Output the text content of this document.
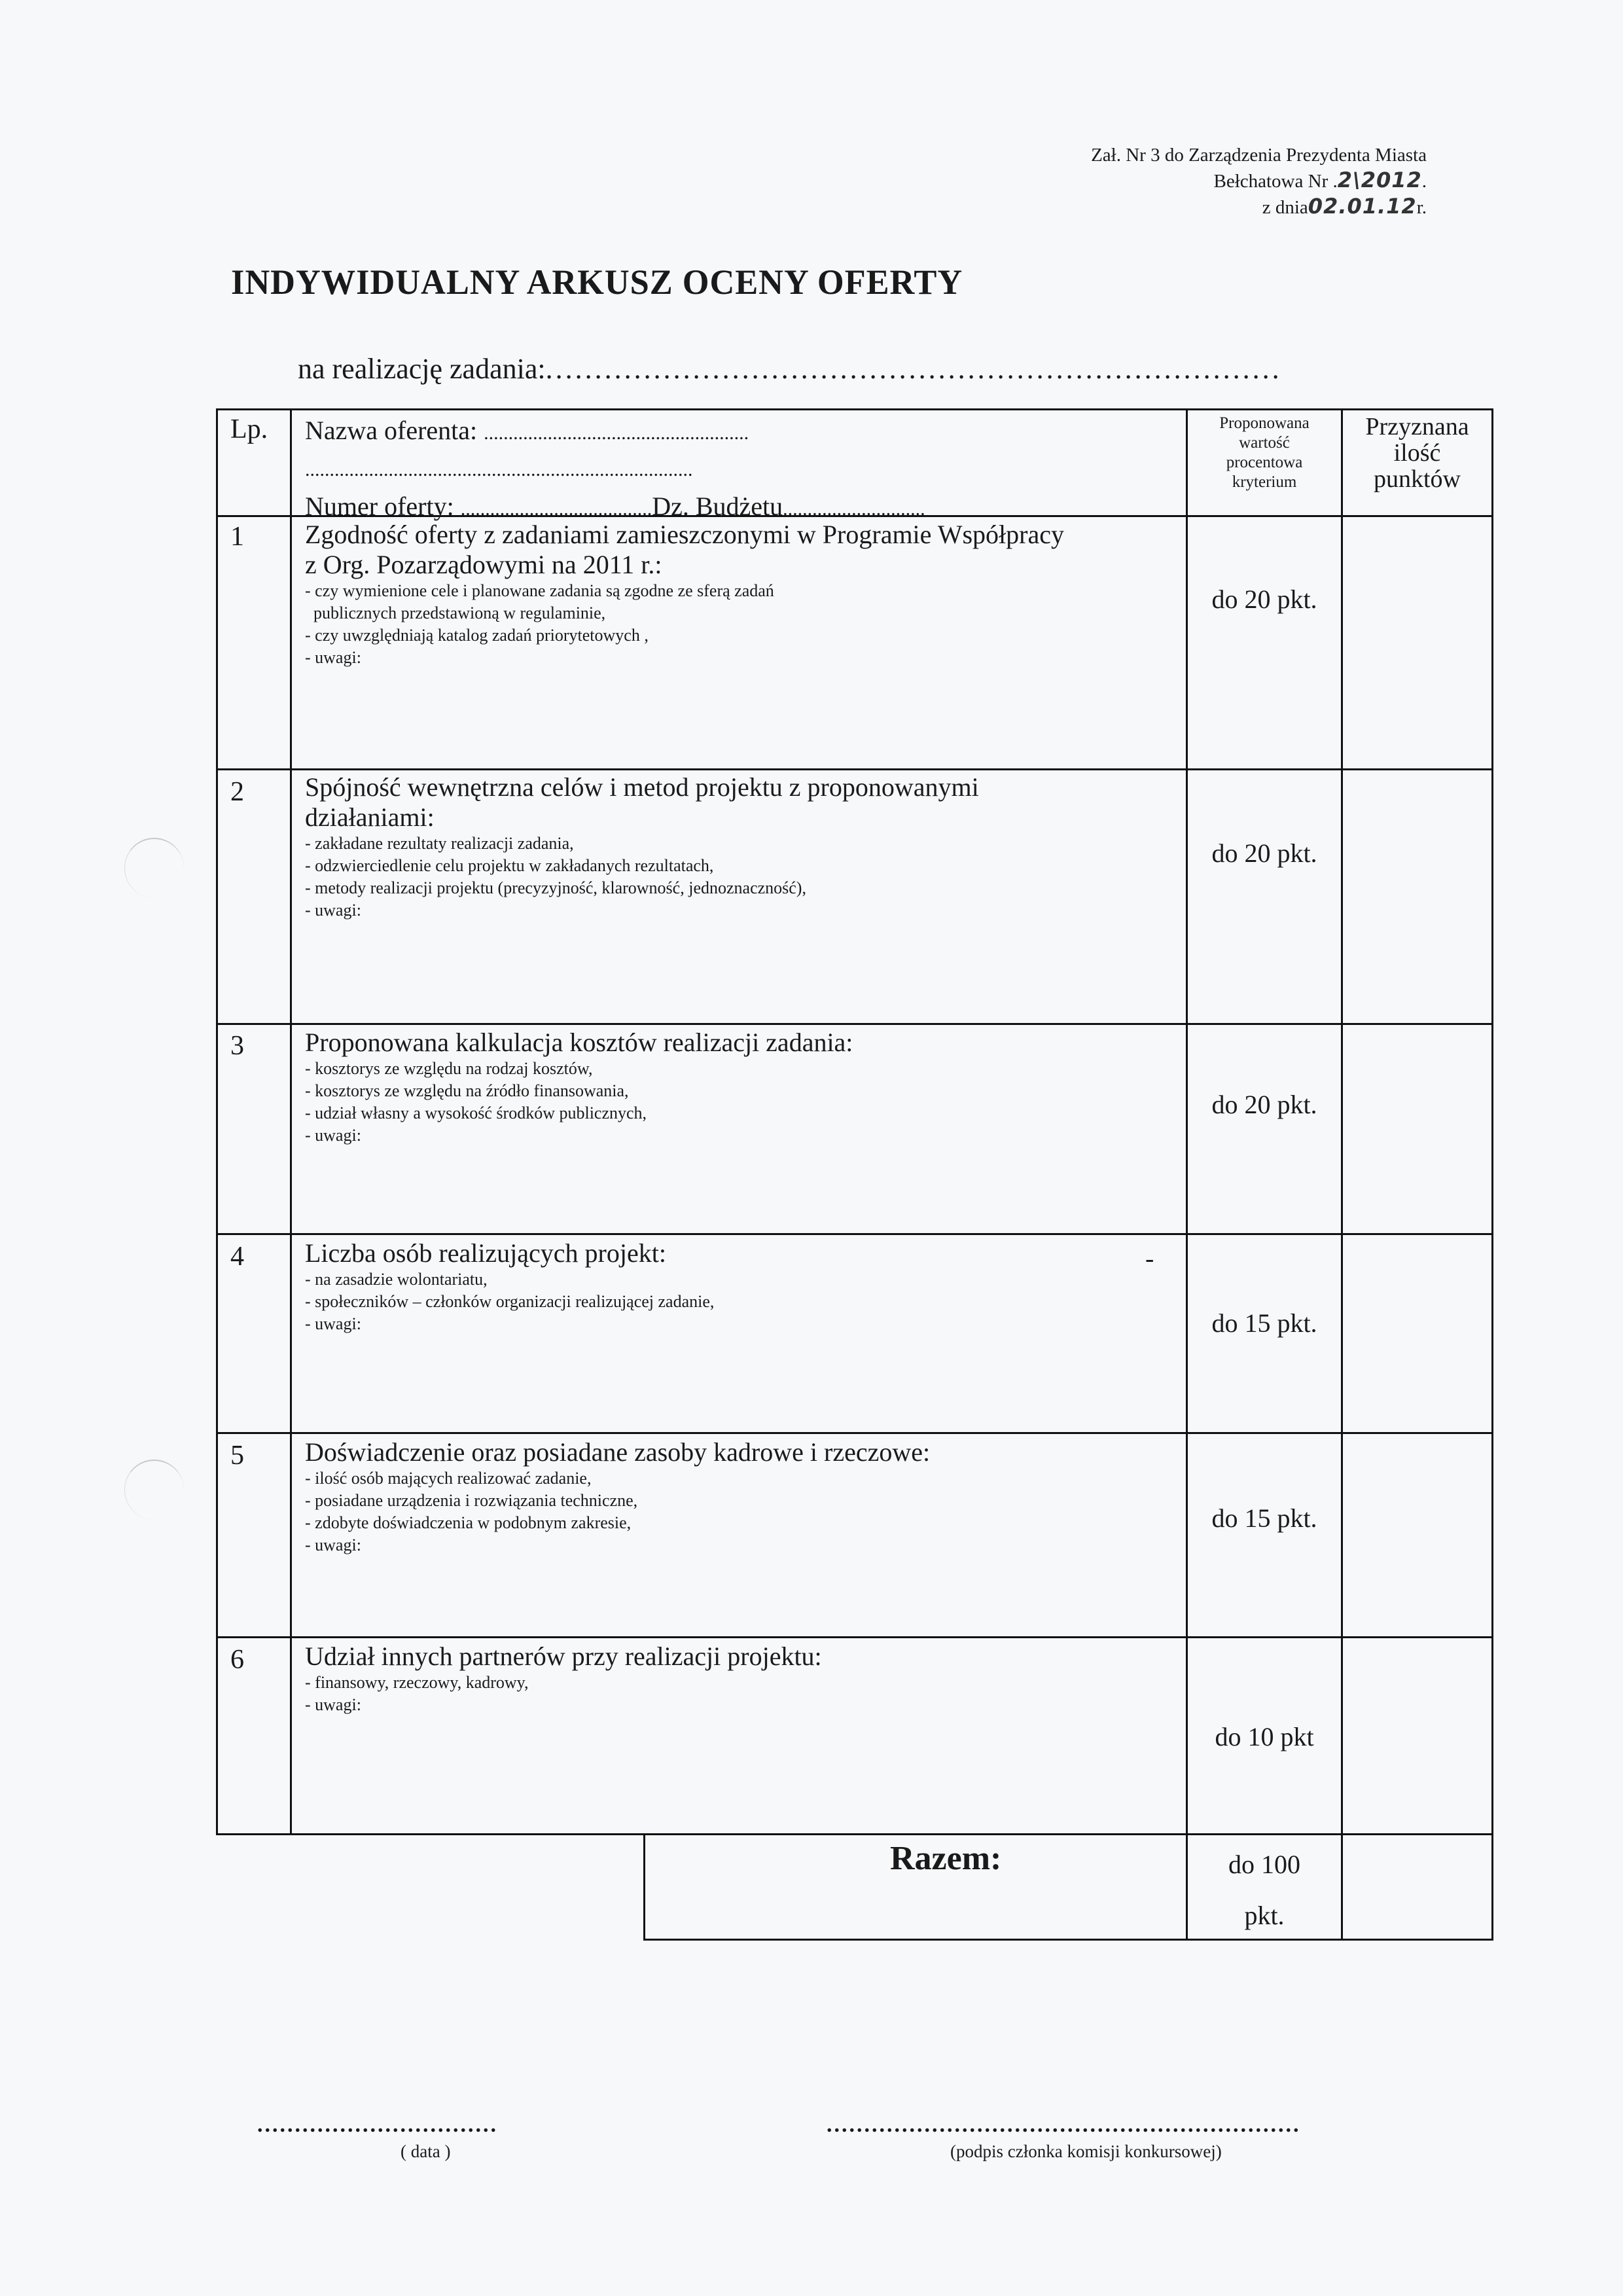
Zał. Nr 3 do Zarządzenia Prezydenta Miasta
Bełchatowa Nr .2\2012.
z dnia02.01.12r.
INDYWIDUALNY ARKUSZ OCENY OFERTY
na realizację zadania:...........................................................................
Lp. Nazwa oferenta: ......................................................
...............................................................................
Numer oferty: .......................................Dz. Budżetu.............................
Proponowana
wartość
procentowa
kryterium
Przyznana
ilość
punktów
1 Zgodność oferty z zadaniami zamieszczonymi w Programie Współpracy
z Org. Pozarządowymi na 2011 r.:
- czy wymienione cele i planowane zadania są zgodne ze sferą zadań
publicznych przedstawioną w regulaminie,
- czy uwzględniają katalog zadań priorytetowych ,
- uwagi:
do 20 pkt.
2 Spójność wewnętrzna celów i metod projektu z proponowanymi
działaniami:
- zakładane rezultaty realizacji zadania,
- odzwierciedlenie celu projektu w zakładanych rezultatach,
- metody realizacji projektu (precyzyjność, klarowność, jednoznaczność),
- uwagi:
do 20 pkt.
3 Proponowana kalkulacja kosztów realizacji zadania:
- kosztorys ze względu na rodzaj kosztów,
- kosztorys ze względu na źródło finansowania,
- udział własny a wysokość środków publicznych,
- uwagi:
do 20 pkt.
4 Liczba osób realizujących projekt:
- na zasadzie wolontariatu,
- społeczników – członków organizacji realizującej zadanie,
- uwagi:
-
do 15 pkt.
5 Doświadczenie oraz posiadane zasoby kadrowe i rzeczowe:
- ilość osób mających realizować zadanie,
- posiadane urządzenia i rozwiązania techniczne,
- zdobyte doświadczenia w podobnym zakresie,
- uwagi:
do 15 pkt.
6 Udział innych partnerów przy realizacji projektu:
- finansowy, rzeczowy, kadrowy,
- uwagi:
do 10 pkt
Razem:	do 100
pkt.
................................
( data )
...............................................................
(podpis członka komisji konkursowej)
